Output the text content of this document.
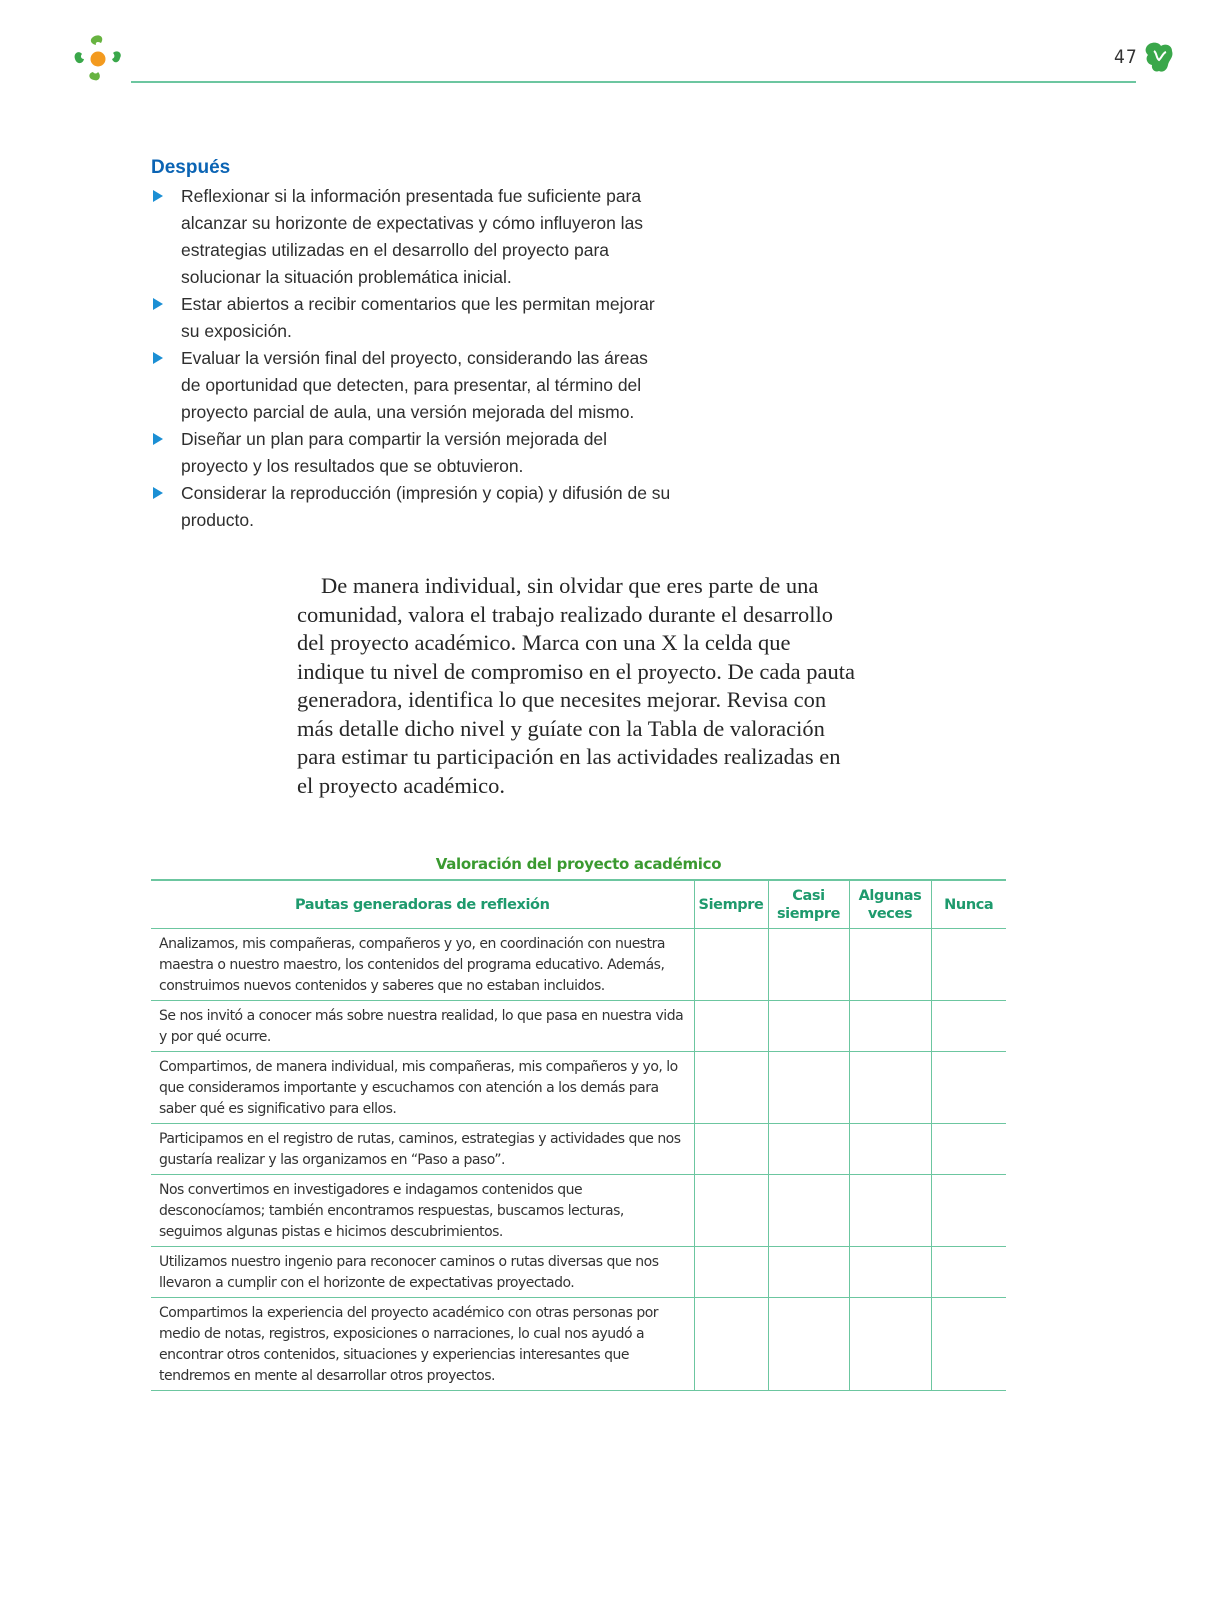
47
Después
Reflexionar si la información presentada fue suficiente para alcanzar su horizonte de expectativas y cómo influyeron las estrategias utilizadas en el desarrollo del proyecto para solucionar la situación problemática inicial.
Estar abiertos a recibir comentarios que les permitan mejorar su exposición.
Evaluar la versión final del proyecto, considerando las áreas de oportunidad que detecten, para presentar, al término del proyecto parcial de aula, una versión mejorada del mismo.
Diseñar un plan para compartir la versión mejorada del proyecto y los resultados que se obtuvieron.
Considerar la reproducción (impresión y copia) y difusión de su producto.

De manera individual, sin olvidar que eres parte de una comunidad, valora el trabajo realizado durante el desarrollo del proyecto académico. Marca con una X la celda que indique tu nivel de compromiso en el proyecto. De cada pauta generadora, identifica lo que necesites mejorar. Revisa con más detalle dicho nivel y guíate con la Tabla de valoración para estimar tu participación en las actividades realizadas en el proyecto académico.

Valoración del proyecto académico
Pautas generadoras de reflexión	Siempre	Casi siempre	Algunas veces	Nunca
Analizamos, mis compañeras, compañeros y yo, en coordinación con nuestra maestra o nuestro maestro, los contenidos del programa educativo. Además, construimos nuevos contenidos y saberes que no estaban incluidos.				
Se nos invitó a conocer más sobre nuestra realidad, lo que pasa en nuestra vida y por qué ocurre.				
Compartimos, de manera individual, mis compañeras, mis compañeros y yo, lo que consideramos importante y escuchamos con atención a los demás para saber qué es significativo para ellos.				
Participamos en el registro de rutas, caminos, estrategias y actividades que nos gustaría realizar y las organizamos en “Paso a paso”.				
Nos convertimos en investigadores e indagamos contenidos que desconocíamos; también encontramos respuestas, buscamos lecturas, seguimos algunas pistas e hicimos descubrimientos.				
Utilizamos nuestro ingenio para reconocer caminos o rutas diversas que nos llevaron a cumplir con el horizonte de expectativas proyectado.				
Compartimos la experiencia del proyecto académico con otras personas por medio de notas, registros, exposiciones o narraciones, lo cual nos ayudó a encontrar otros contenidos, situaciones y experiencias interesantes que tendremos en mente al desarrollar otros proyectos.				
